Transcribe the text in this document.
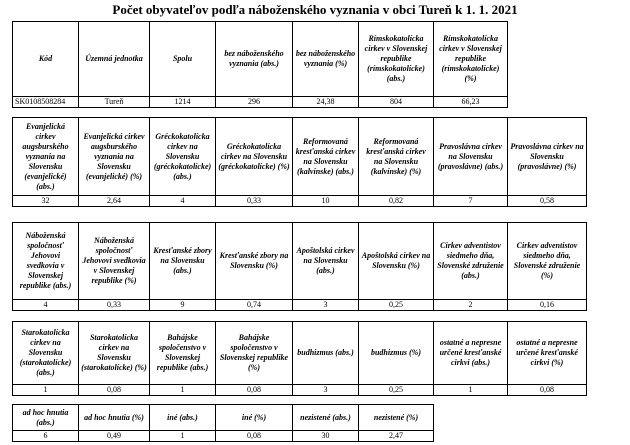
Počet obyvateľov podľa náboženského vyznania v obci Tureň k 1. 1. 2021
Kód	Územná jednotka	Spolu	bez náboženského vyznania (abs.)	bez náboženského vyznania (%)	Rímskokatolícka cirkev v Slovenskej republike (rímskokatolícke) (abs.)	Rímskokatolícka cirkev v Slovenskej republike (rímskokatolícke) (%)
SK0108508284	Tureň	1214	296	24,38	804	66,23
Evanjelická cirkev augsburského vyznania na Slovensku (evanjelické) (abs.)	Evanjelická cirkev augsburského vyznania na Slovensku (evanjelické) (%)	Gréckokatolícka cirkev na Slovensku (gréckokatolícke) (abs.)	Gréckokatolícka cirkev na Slovensku (gréckokatolícke) (%)	Reformovaná kresťanská cirkev na Slovensku (kalvínske) (abs.)	Reformovaná kresťanská cirkev na Slovensku (kalvínske) (%)	Pravoslávna cirkev na Slovensku (pravoslávne) (abs.)	Pravoslávna cirkev na Slovensku (pravoslávne) (%)
32	2,64	4	0,33	10	0,82	7	0,58
Náboženská spoločnosť Jehovovi svedkovia v Slovenskej republike (abs.)	Náboženská spoločnosť Jehovovi svedkovia v Slovenskej republike (%)	Kresťanské zbory na Slovensku (abs.)	Kresťanské zbory na Slovensku (%)	Apoštolská cirkev na Slovensku (abs.)	Apoštolská cirkev na Slovensku (%)	Cirkev adventistov siedmeho dňa, Slovenské združenie (abs.)	Cirkev adventistov siedmeho dňa, Slovenské združenie (%)
4	0,33	9	0,74	3	0,25	2	0,16
Starokatolícka cirkev na Slovensku (starokatolícke) (abs.)	Starokatolícka cirkev na Slovensku (starokatolícke) (%)	Bahájske spoločenstvo v Slovenskej republike (abs.)	Bahájske spoločenstvo v Slovenskej republike (%)	budhizmus (abs.)	budhizmus (%)	ostatné a nepresne určené kresťanské cirkvi (abs.)	ostatné a nepresne určené kresťanské cirkvi (%)
1	0,08	1	0,08	3	0,25	1	0,08
ad hoc hnutia (abs.)	ad hoc hnutia (%)	iné (abs.)	iné (%)	nezistené (abs.)	nezistené (%)
6	0,49	1	0,08	30	2,47
